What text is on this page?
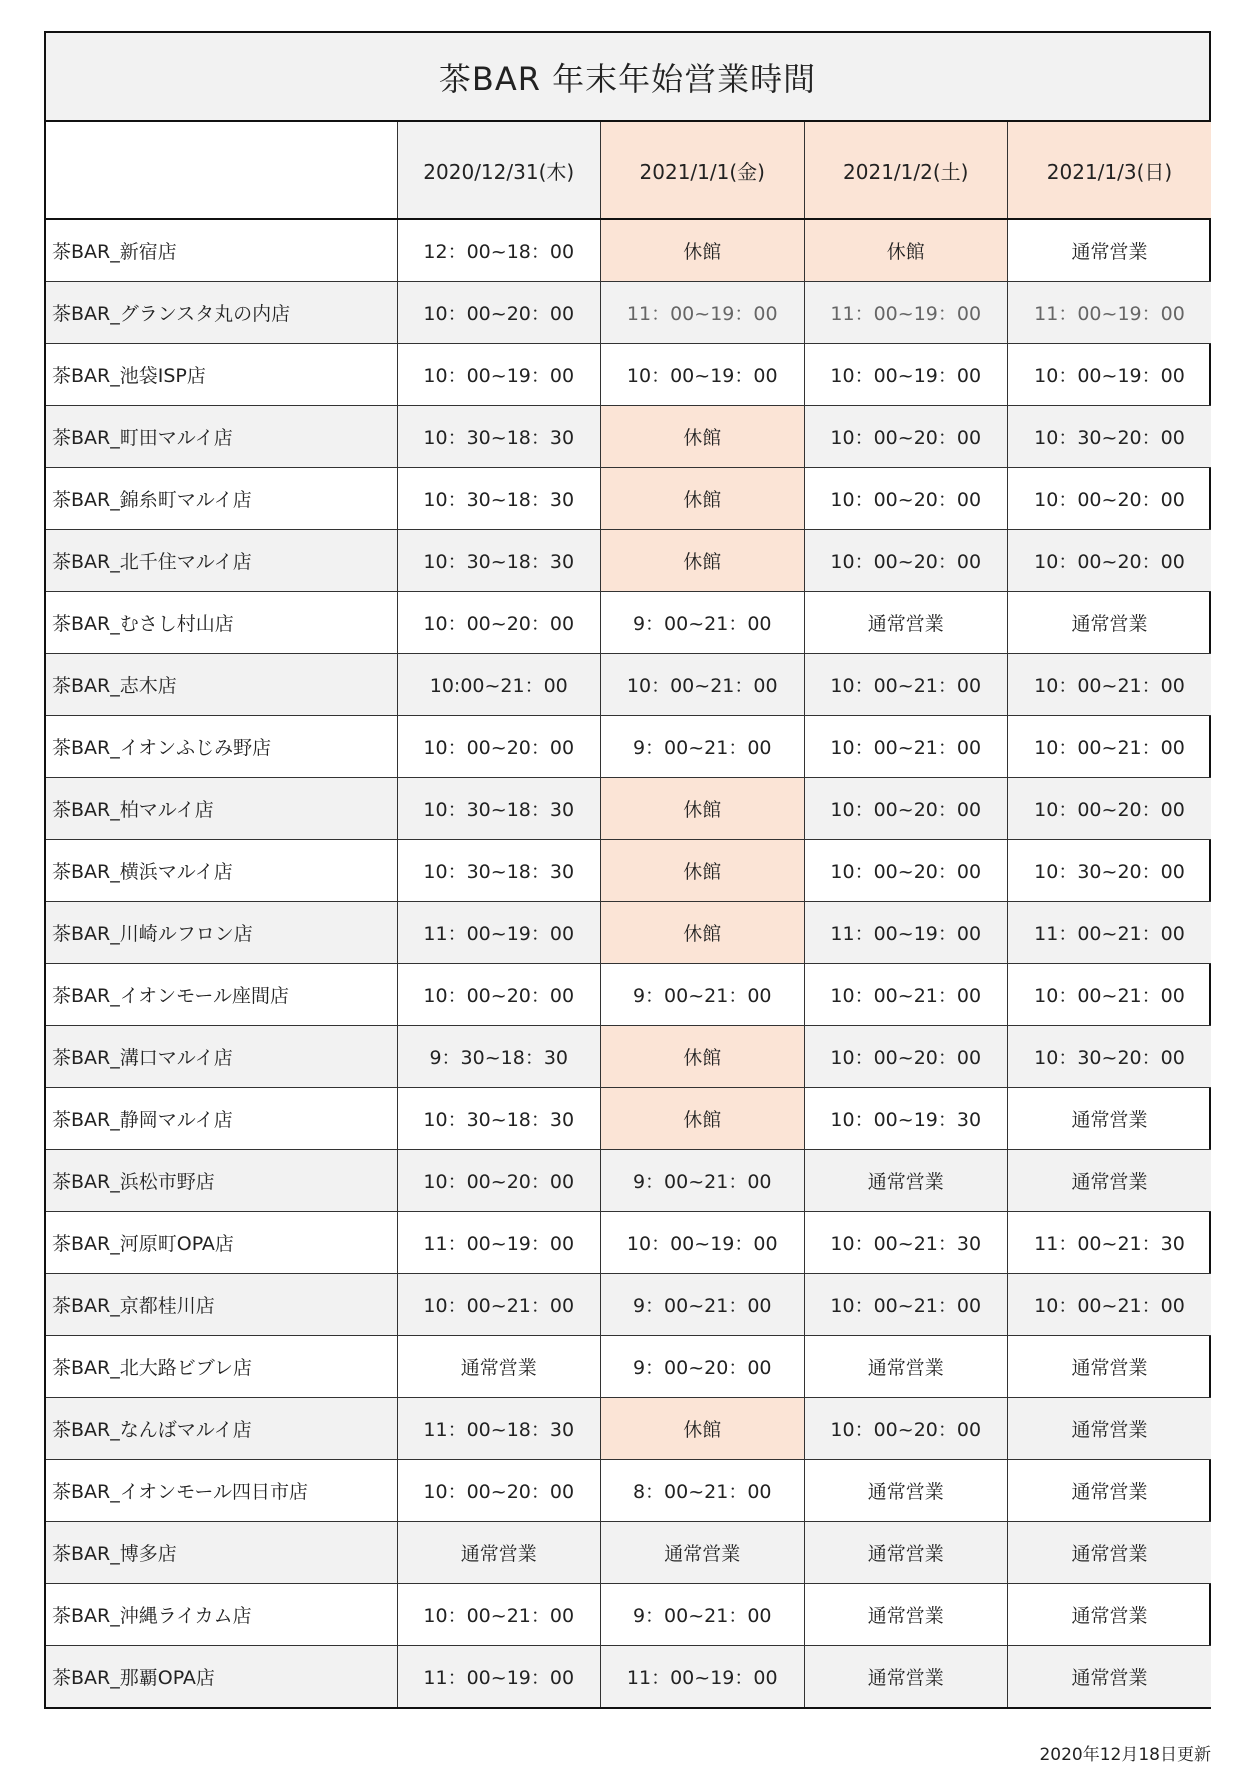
茶BAR 年末年始営業時間
	2020/12/31(木)	2021/1/1(金)	2021/1/2(土)	2021/1/3(日)
茶BAR_新宿店	12：00~18：00	休館	休館	通常営業
茶BAR_グランスタ丸の内店	10：00~20：00	11：00~19：00	11：00~19：00	11：00~19：00
茶BAR_池袋ISP店	10：00~19：00	10：00~19：00	10：00~19：00	10：00~19：00
茶BAR_町田マルイ店	10：30~18：30	休館	10：00~20：00	10：30~20：00
茶BAR_錦糸町マルイ店	10：30~18：30	休館	10：00~20：00	10：00~20：00
茶BAR_北千住マルイ店	10：30~18：30	休館	10：00~20：00	10：00~20：00
茶BAR_むさし村山店	10：00~20：00	9：00~21：00	通常営業	通常営業
茶BAR_志木店	10:00~21：00	10：00~21：00	10：00~21：00	10：00~21：00
茶BAR_イオンふじみ野店	10：00~20：00	9：00~21：00	10：00~21：00	10：00~21：00
茶BAR_柏マルイ店	10：30~18：30	休館	10：00~20：00	10：00~20：00
茶BAR_横浜マルイ店	10：30~18：30	休館	10：00~20：00	10：30~20：00
茶BAR_川崎ルフロン店	11：00~19：00	休館	11：00~19：00	11：00~21：00
茶BAR_イオンモール座間店	10：00~20：00	9：00~21：00	10：00~21：00	10：00~21：00
茶BAR_溝口マルイ店	9：30~18：30	休館	10：00~20：00	10：30~20：00
茶BAR_静岡マルイ店	10：30~18：30	休館	10：00~19：30	通常営業
茶BAR_浜松市野店	10：00~20：00	9：00~21：00	通常営業	通常営業
茶BAR_河原町OPA店	11：00~19：00	10：00~19：00	10：00~21：30	11：00~21：30
茶BAR_京都桂川店	10：00~21：00	9：00~21：00	10：00~21：00	10：00~21：00
茶BAR_北大路ビブレ店	通常営業	9：00~20：00	通常営業	通常営業
茶BAR_なんばマルイ店	11：00~18：30	休館	10：00~20：00	通常営業
茶BAR_イオンモール四日市店	10：00~20：00	8：00~21：00	通常営業	通常営業
茶BAR_博多店	通常営業	通常営業	通常営業	通常営業
茶BAR_沖縄ライカム店	10：00~21：00	9：00~21：00	通常営業	通常営業
茶BAR_那覇OPA店	11：00~19：00	11：00~19：00	通常営業	通常営業
2020年12月18日更新
